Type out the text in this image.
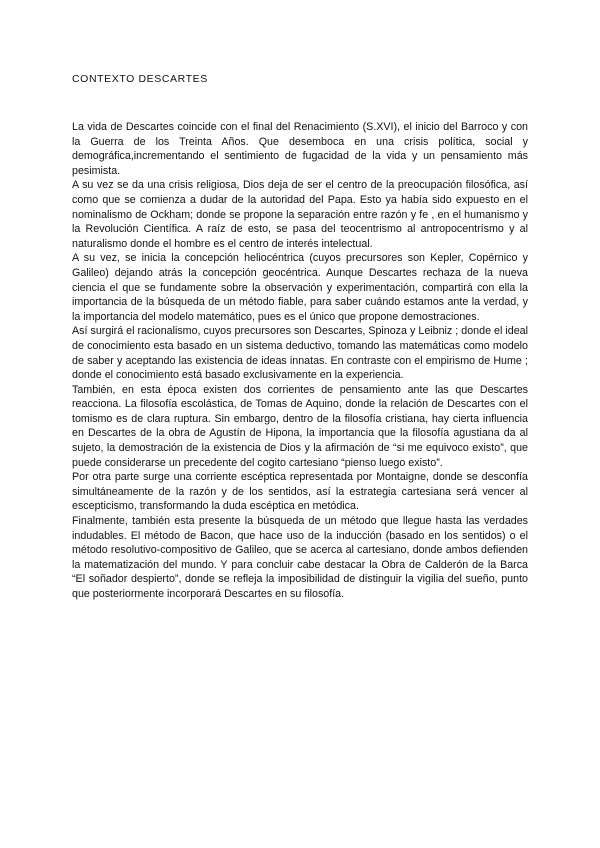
CONTEXTO DESCARTES

La vida de Descartes coincide con el final del Renacimiento (S.XVI), el inicio del Barroco y con la Guerra de los Treinta Años. Que desemboca en una crisis política, social y demográfica,incrementando el sentimiento de fugacidad de la vida y un pensamiento más pesimista.

A su vez se da una crisis religiosa, Dios deja de ser el centro de la preocupación filosófica, así como que se comienza a dudar de la autoridad del Papa. Esto ya había sido expuesto en el nominalismo de Ockham; donde se propone la separación entre razón y fe , en el humanismo y la Revolución Científica. A raíz de esto, se pasa del teocentrismo al antropocentrísmo y al naturalismo donde el hombre es el centro de interés intelectual.

A su vez, se inicia la concepción heliocéntrica (cuyos precursores son Kepler, Copérnico y Galileo) dejando atrás la concepción geocéntrica. Aunque Descartes rechaza de la nueva ciencia el que se fundamente sobre la observación y experimentación, compartirá con ella la importancia de la búsqueda de un método fiable, para saber cuándo estamos ante la verdad, y la importancia del modelo matemático, pues es el único que propone demostraciones.

Así surgirá el racionalismo, cuyos precursores son Descartes, Spinoza y Leibniz ; donde el ideal de conocimiento esta basado en un sistema deductivo, tomando las matemáticas como modelo de saber y aceptando las existencia de ideas innatas. En contraste con el empirismo de Hume ; donde el conocimiento está basado exclusivamente en la experiencia.

También, en esta época existen dos corrientes de pensamiento ante las que Descartes reacciona. La filosofía escolástica, de Tomas de Aquino, donde la relación de Descartes con el tomismo es de clara ruptura. Sin embargo, dentro de la filosofía cristiana, hay cierta influencia en Descartes de la obra de Agustín de Hipona, la importancia que la filosofía agustiana da al sujeto, la demostración de la existencia de Dios y la afirmación de “si me equivoco existo”, que puede considerarse un precedente del cogito cartesiano “pienso luego existo”.

Por otra parte surge una corriente escéptica representada por Montaigne, donde se desconfía simultáneamente de la razón y de los sentidos, así la estrategia cartesiana será vencer al escepticismo, transformando la duda escéptica en metódica.

Finalmente, también esta presente la búsqueda de un método que llegue hasta las verdades indudables. El método de Bacon, que hace uso de la inducción (basado en los sentidos) o el método resolutivo-compositivo de Galileo, que se acerca al cartesiano, donde ambos defienden la matematización del mundo. Y para concluir cabe destacar la Obra de Calderón de la Barca “El soñador despierto”, donde se refleja la imposibilidad de distinguir la vigilia del sueño, punto que posteriormente incorporará Descartes en su filosofía.
